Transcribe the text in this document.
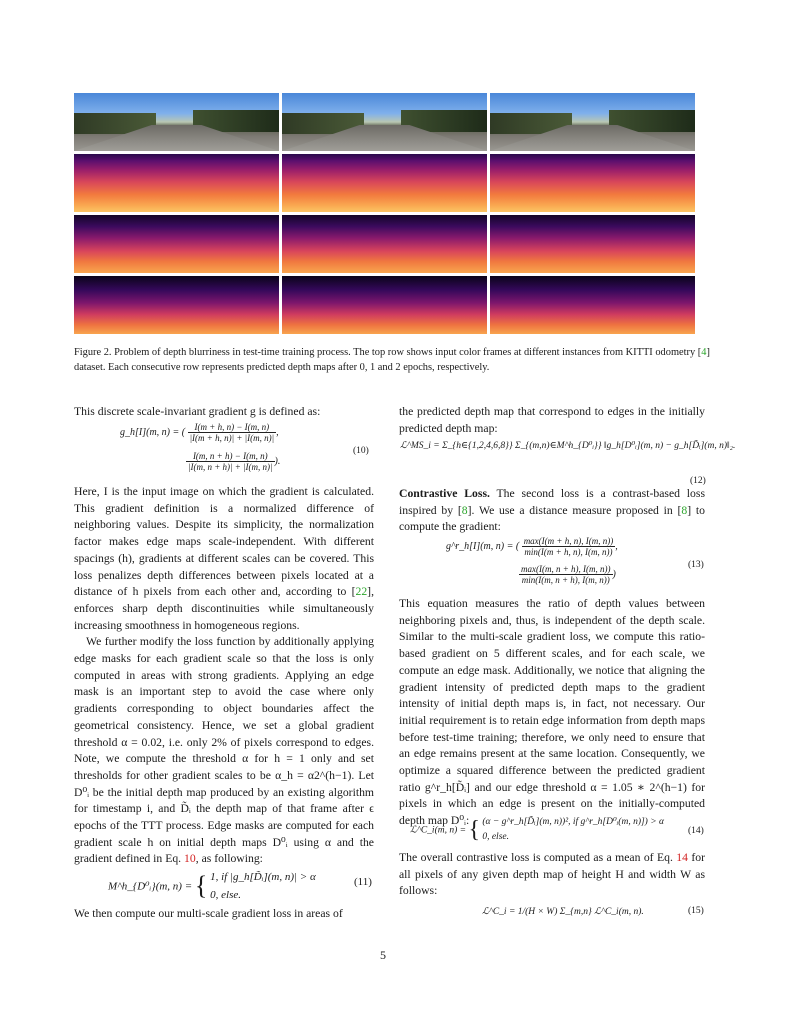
Figure 2. Problem of depth blurriness in test-time training process. The top row shows input color frames at different instances from KITTI odometry [4] dataset. Each consecutive row represents predicted depth maps after 0, 1 and 2 epochs, respectively.

This discrete scale-invariant gradient g is defined as:

g_h[I](m, n) = ( $\frac{I(m + h, n) - I(m, n)}{|I(m + h, n)| + |I(m, n)|}$ ,
$\frac{I(m, n + h) - I(m, n)}{|I(m, n + h)| + |I(m, n)|}$ ).
(10)

Here, I is the input image on which the gradient is calculated. This gradient definition is a normalized difference of neighboring values. Despite its simplicity, the normalization factor makes edge maps scale-independent. With different spacings (h), gradients at different scales can be covered. This loss penalizes depth differences between pixels located at a distance of h pixels from each other and, according to [22], enforces sharp depth discontinuities while simultaneously increasing smoothness in homogeneous regions.

We further modify the loss function by additionally applying edge masks for each gradient scale so that the loss is only computed in areas with strong gradients. Applying an edge mask is an important step to avoid the case where only gradients corresponding to object boundaries affect the geometrical consistency. Hence, we set a global gradient threshold α = 0.02, i.e. only 2% of pixels correspond to edges. Note, we compute the threshold α for h = 1 only and set thresholds for other gradient scales to be α_h = α2^(h−1). Let D⁰ᵢ be the initial depth map produced by an existing algorithm for timestamp i, and D̃ᵢ the depth map of that frame after ϵ epochs of the TTT process. Edge masks are computed for each gradient scale h on initial depth maps D⁰ᵢ using α and the gradient defined in Eq. 10, as following:

M^h_{D⁰ᵢ}(m, n) = { 1, if |g_h[D̃ᵢ](m, n)| > α
0, else.
(11)

We then compute our multi-scale gradient loss in areas of

the predicted depth map that correspond to edges in the initially predicted depth map:

ℒ^MS_i = Σ_{h∈{1,2,4,6,8}} Σ_{(m,n)∈M^h_{D⁰ᵢ}} ‖g_h[D⁰ᵢ](m, n) − g_h[D̃ᵢ](m, n)‖₂.
(12)

Contrastive Loss. The second loss is a contrast-based loss inspired by [8]. We use a distance measure proposed in [8] to compute the gradient:

g^r_h[I](m, n) = ( $\frac{\max(I(m + h, n), I(m, n))}{\min(I(m + h, n), I(m, n))}$ ,
$\frac{\max(I(m, n + h), I(m, n))}{\min(I(m, n + h), I(m, n))}$ )
(13)

This equation measures the ratio of depth values between neighboring pixels and, thus, is independent of the depth scale. Similar to the multi-scale gradient loss, we compute this ratio-based gradient on 5 different scales, and for each scale, we compute an edge mask. Additionally, we notice that aligning the gradient intensity of predicted depth maps to the gradient intensity of initial depth maps is, in fact, not necessary. Our initial requirement is to retain edge information from depth maps before test-time training; therefore, we only need to ensure that an edge remains present at the same location. Consequently, we optimize a squared difference between the predicted gradient ratio g^r_h[D̃ᵢ] and our edge threshold α = 1.05 ∗ 2^(h−1) for pixels in which an edge is present on the initially-computed depth map D⁰ᵢ:

ℒ^C_i(m, n) = { (α − g^r_h[D̃ᵢ](m, n))², if g^r_h[D⁰ᵢ(m, n)]) > α
0, else.
(14)

The overall contrastive loss is computed as a mean of Eq. 14 for all pixels of any given depth map of height H and width W as follows:

ℒ^C_i = 1/(H × W) Σ_{m,n} ℒ^C_i(m, n).	(15)
5
